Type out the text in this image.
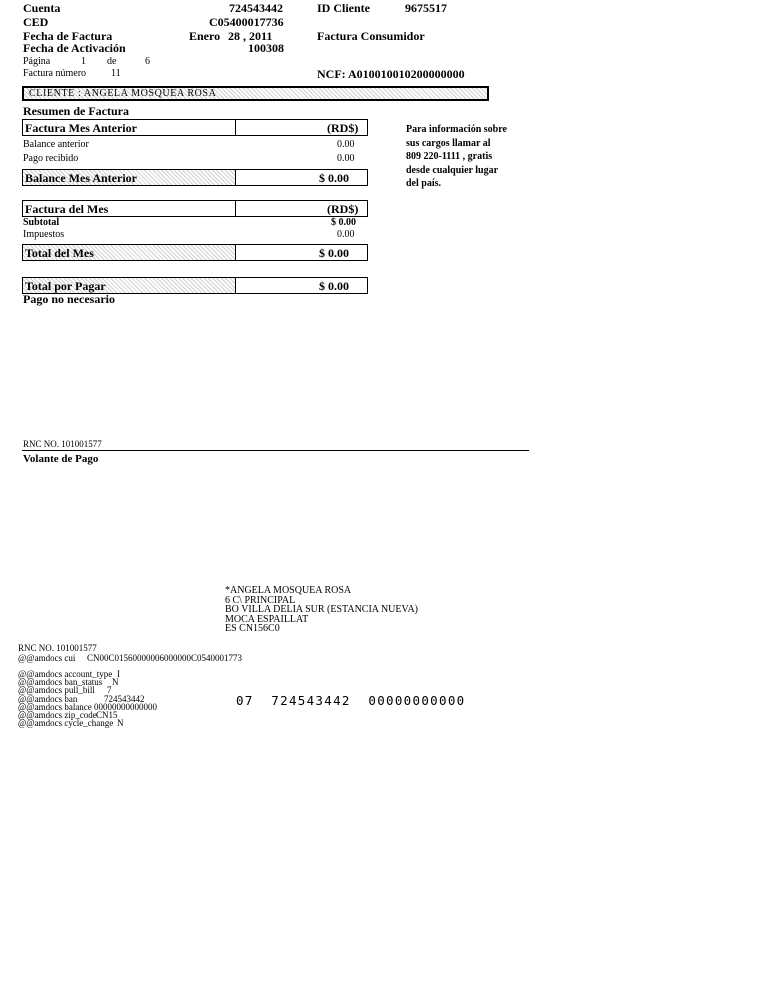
Cuenta	724543442	ID Cliente	9675517
CED	C05400017736
Fecha de Factura	Enero 28 , 2011	Factura Consumidor
Fecha de Activación	100308
Página	1 de	6
Factura número 11	NCF: A010010010200000000
CLIENTE : ANGELA MOSQUEA ROSA
Resumen de Factura
Factura Mes Anterior	(RD$)
Balance anterior	0.00
Pago recibido	0.00
Balance Mes Anterior	$ 0.00
Factura del Mes	(RD$)
Subtotal	$ 0.00
Impuestos	0.00
Total del Mes	$ 0.00
Total por Pagar	$ 0.00
Pago no necesario
Para información sobre
sus cargos llamar al
809 220-1111 , gratis
desde cualquier lugar
del país.
RNC NO. 101001577
Volante de Pago
*ANGELA MOSQUEA ROSA
6 C\ PRINCIPAL
BO VILLA DELIA SUR (ESTANCIA NUEVA)
MOCA ESPAILLAT
ES CN156C0
RNC NO. 101001577
@@amdocs cui CN00C01560000006000000C0540001773
@@amdocs account_type I
@@amdocs ban_status N
@@amdocs pull_bill 7
@@amdocs ban	724543442
@@amdocs balance 00000000000000
@@amdocs zip_code CN15
@@amdocs cycle_change N
07  724543442  00000000000
